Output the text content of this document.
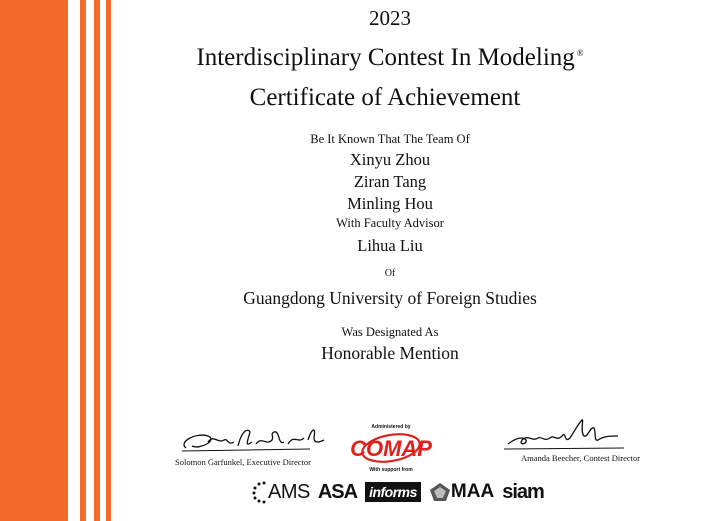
2023
Interdisciplinary Contest In Modeling ®
Certificate of Achievement
Be It Known That The Team Of
Xinyu Zhou
Ziran Tang
Minling Hou
With Faculty Advisor
Lihua Liu
Of
Guangdong University of Foreign Studies
Was Designated As
Honorable Mention
Solomon Garfunkel, Executive Director	Amanda Beecher, Contest Director
Administered by
COMAP
With support from
AMS ASA informs MAA siam
